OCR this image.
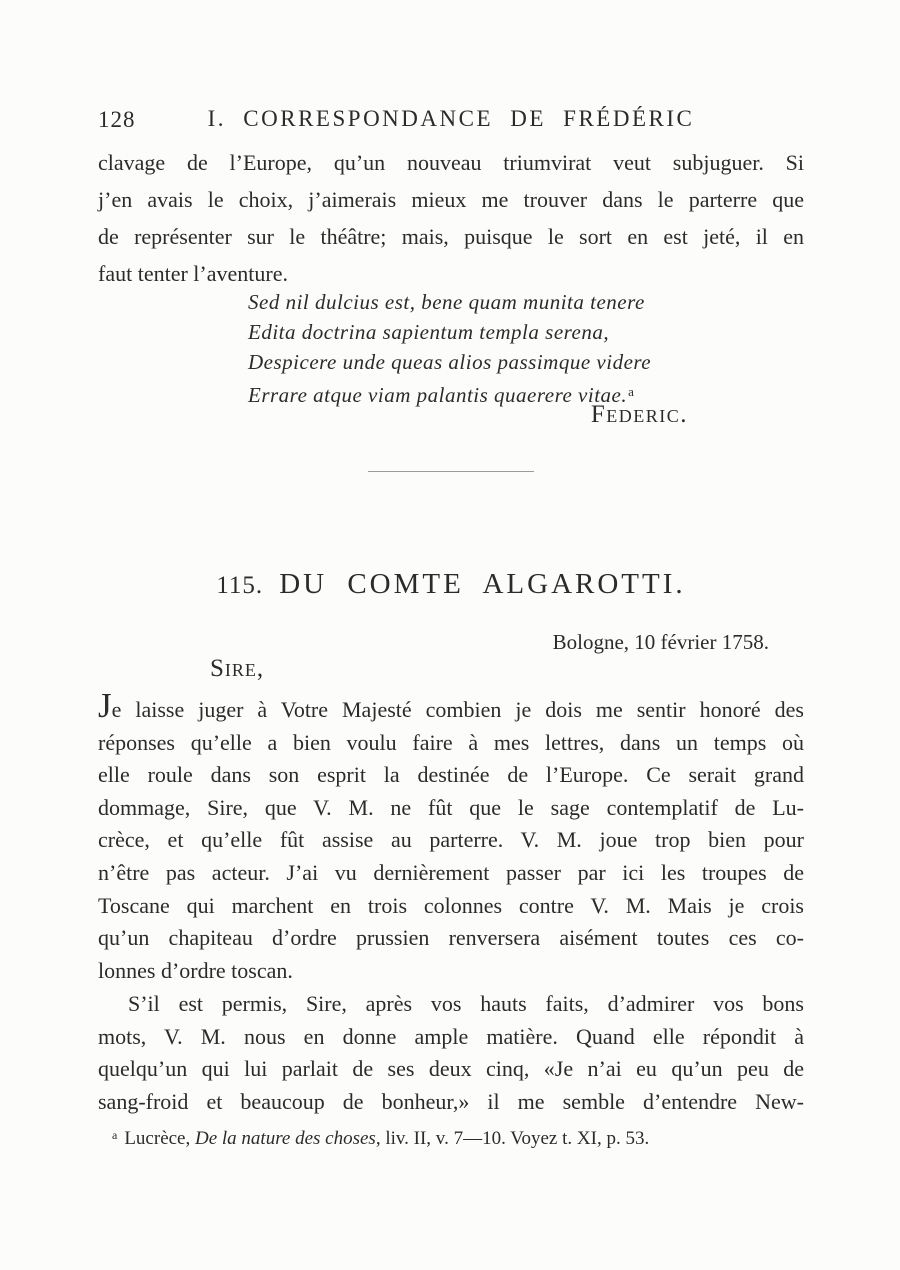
128	I. CORRESPONDANCE DE FRÉDÉRIC
clavage de l’Europe, qu’un nouveau triumvirat veut subjuguer. Si
j’en avais le choix, j’aimerais mieux me trouver dans le parterre que
de représenter sur le théâtre; mais, puisque le sort en est jeté, il en
faut tenter l’aventure.
Sed nil dulcius est, bene quam munita tenere
Edita doctrina sapientum templa serena,
Despicere unde queas alios passimque videre
Errare atque viam palantis quaerere vitae.$^a$
Federic.
115. DU COMTE ALGAROTTI.
Bologne, 10 février 1758.
Sire,
Je laisse juger à Votre Majesté combien je dois me sentir honoré des
réponses qu’elle a bien voulu faire à mes lettres, dans un temps où
elle roule dans son esprit la destinée de l’Europe. Ce serait grand
dommage, Sire, que V. M. ne fût que le sage contemplatif de Lu-
crèce, et qu’elle fût assise au parterre. V. M. joue trop bien pour
n’être pas acteur. J’ai vu dernièrement passer par ici les troupes de
Toscane qui marchent en trois colonnes contre V. M. Mais je crois
qu’un chapiteau d’ordre prussien renversera aisément toutes ces co-
lonnes d’ordre toscan.
S’il est permis, Sire, après vos hauts faits, d’admirer vos bons
mots, V. M. nous en donne ample matière. Quand elle répondit à
quelqu’un qui lui parlait de ses deux cinq, «Je n’ai eu qu’un peu de
sang-froid et beaucoup de bonheur,» il me semble d’entendre New-
$^a$ Lucrèce, De la nature des choses, liv. II, v. 7—10. Voyez t. XI, p. 53.
